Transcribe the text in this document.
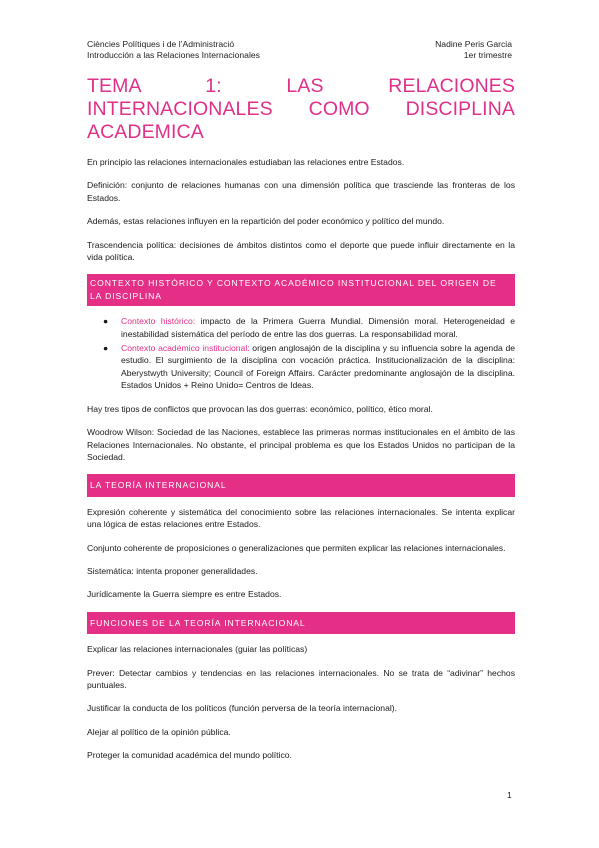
Ciències Polítiques i de l’Administració
Introducción a las Relaciones Internacionales
Nadine Peris Garcia
1er trimestre
TEMA 1: LAS RELACIONES INTERNACIONALES COMO DISCIPLINA ACADEMICA

En principio las relaciones internacionales estudiaban las relaciones entre Estados.

Definición: conjunto de relaciones humanas con una dimensión política que trasciende las fronteras de los Estados.

Además, estas relaciones influyen en la repartición del poder económico y político del mundo.

Trascendencia política: decisiones de ámbitos distintos como el deporte que puede influir directamente en la vida política.

CONTEXTO HISTÓRICO Y CONTEXTO ACADÉMICO INSTITUCIONAL DEL ORIGEN DE LA DISCIPLINA
● Contexto histórico: impacto de la Primera Guerra Mundial. Dimensión moral. Heterogeneidad e inestabilidad sistemática del período de entre las dos guerras. La responsabilidad moral.
● Contexto académico institucional: origen anglosajón de la disciplina y su influencia sobre la agenda de estudio. El surgimiento de la disciplina con vocación práctica. Institucionalización de la disciplina: Aberystwyth University; Council of Foreign Affairs. Carácter predominante anglosajón de la disciplina. Estados Unidos + Reino Unido= Centros de Ideas.

Hay tres tipos de conflictos que provocan las dos guerras: económico, político, ético moral.

Woodrow Wilson: Sociedad de las Naciones, establece las primeras normas institucionales en el ámbito de las Relaciones Internacionales. No obstante, el principal problema es que los Estados Unidos no participan de la Sociedad.

LA TEORÍA INTERNACIONAL

Expresión coherente y sistemática del conocimiento sobre las relaciones internacionales. Se intenta explicar una lógica de estas relaciones entre Estados.

Conjunto coherente de proposiciones o generalizaciones que permiten explicar las relaciones internacionales.

Sistemática: intenta proponer generalidades.

Jurídicamente la Guerra siempre es entre Estados.

FUNCIONES DE LA TEORÍA INTERNACIONAL

Explicar las relaciones internacionales (guiar las políticas)

Prever: Detectar cambios y tendencias en las relaciones internacionales. No se trata de “adivinar” hechos puntuales.

Justificar la conducta de los políticos (función perversa de la teoría internacional).

Alejar al político de la opinión pública.

Proteger la comunidad académica del mundo político.

1
